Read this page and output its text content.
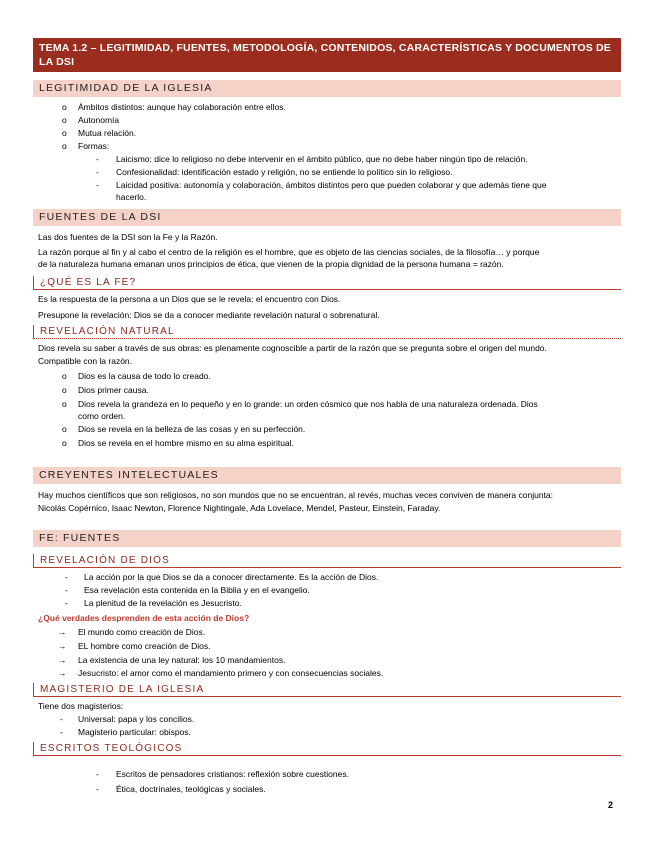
TEMA 1.2 – LEGITIMIDAD, FUENTES, METODOLOGÍA, CONTENIDOS, CARACTERÍSTICAS Y DOCUMENTOS DE LA DSI
LEGITIMIDAD DE LA IGLESIA
o Ámbitos distintos: aunque hay colaboración entre ellos.
o Autonomía
o Mutua relación.
o Formas:
- Laicismo: dice lo religioso no debe intervenir en el ámbito público, que no debe haber ningún tipo de relación.
- Confesionalidad: identificación estado y religión, no se entiende lo político sin lo religioso.
- Laicidad positiva: autonomía y colaboración, ámbitos distintos pero que pueden colaborar y que además tiene que
hacerlo.
FUENTES DE LA DSI
Las dos fuentes de la DSI son la Fe y la Razón.
La razón porque al fin y al cabo el centro de la religión es el hombre, que es objeto de las ciencias sociales, de la filosofía… y porque
de la naturaleza humana emanan unos principios de ética, que vienen de la propia dignidad de la persona humana = razón.
¿QUÉ ES LA FE?
Es la respuesta de la persona a un Dios que se le revela: el encuentro con Dios.
Presupone la revelación: Dios se da a conocer mediante revelación natural o sobrenatural.
REVELACIÓN NATURAL
Dios revela su saber a través de sus obras: es plenamente cognoscible a partir de la razón que se pregunta sobre el origen del mundo.
Compatible con la razón.
o Dios es la causa de todo lo creado.
o Dios primer causa.
o Dios revela la grandeza en lo pequeño y en lo grande: un orden cósmico que nos habla de una naturaleza ordenada. Dios
como orden.
o Dios se revela en la belleza de las cosas y en su perfección.
o Dios se revela en el hombre mismo en su alma espiritual.
CREYENTES INTELECTUALES
Hay muchos científicos que son religiosos, no son mundos que no se encuentran, al revés, muchas veces conviven de manera conjunta:
Nicolás Copérnico, Isaac Newton, Florence Nightingale, Ada Lovelace, Mendel, Pasteur, Einstein, Faraday.
FE: FUENTES
REVELACIÓN DE DIOS
- La acción por la que Dios se da a conocer directamente. Es la acción de Dios.
- Esa revelación esta contenida en la Biblia y en el evangelio.
- La plenitud de la revelación es Jesucristo.
¿Qué verdades desprenden de esta acción de Dios?
→ El mundo como creación de Dios.
→ EL hombre como creación de Dios.
→ La existencia de una ley natural: los 10 mandamientos.
→ Jesucristo: el amor como el mandamiento primero y con consecuencias sociales.
MAGISTERIO DE LA IGLESIA
Tiene dos magisterios:
- Universal: papa y los concilios.
- Magisterio particular: obispos.
ESCRITOS TEOLÓGICOS
- Escritos de pensadores cristianos: reflexión sobre cuestiones.
- Ética, doctrinales, teológicas y sociales.
2
